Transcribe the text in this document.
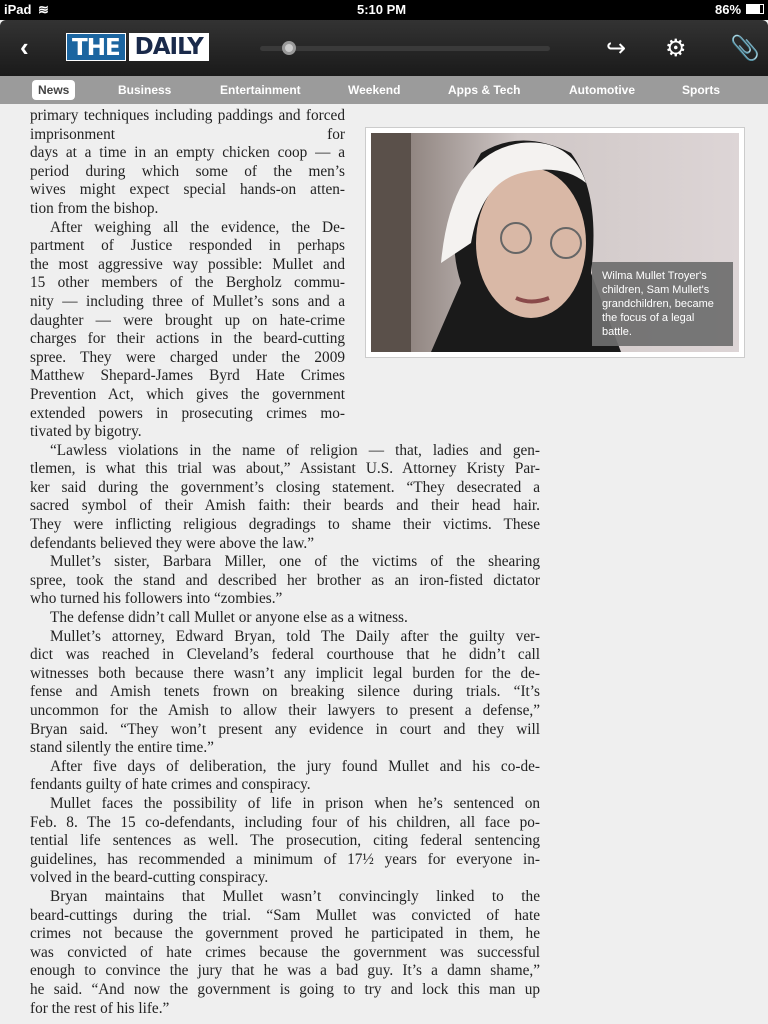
iPad ≋	5:10 PM	86%
‹ THE DAILY	↪ ⚙ 📎
News	Business	Entertainment	Weekend	Apps & Tech	Automotive	Sports
primary techniques including paddings and forced imprisonment for
days at a time in an empty chicken coop — a
period during which some of the men’s
wives might expect special hands-on atten-
tion from the bishop.
After weighing all the evidence, the De-
partment of Justice responded in perhaps
the most aggressive way possible: Mullet and
15 other members of the Bergholz commu-
nity — including three of Mullet’s sons and a
daughter — were brought up on hate-crime
charges for their actions in the beard-cutting
spree. They were charged under the 2009
Matthew Shepard-James Byrd Hate Crimes
Prevention Act, which gives the government
extended powers in prosecuting crimes mo-
tivated by bigotry.
“Lawless violations in the name of religion — that, ladies and gen-
tlemen, is what this trial was about,” Assistant U.S. Attorney Kristy Par-
ker said during the government’s closing statement. “They desecrated a
sacred symbol of their Amish faith: their beards and their head hair.
They were inflicting religious degradings to shame their victims. These
defendants believed they were above the law.”
Mullet’s sister, Barbara Miller, one of the victims of the shearing
spree, took the stand and described her brother as an iron-fisted dictator
who turned his followers into “zombies.”
The defense didn’t call Mullet or anyone else as a witness.
Mullet’s attorney, Edward Bryan, told The Daily after the guilty ver-
dict was reached in Cleveland’s federal courthouse that he didn’t call
witnesses both because there wasn’t any implicit legal burden for the de-
fense and Amish tenets frown on breaking silence during trials. “It’s
uncommon for the Amish to allow their lawyers to present a defense,”
Bryan said. “They won’t present any evidence in court and they will
stand silently the entire time.”
After five days of deliberation, the jury found Mullet and his co-de-
fendants guilty of hate crimes and conspiracy.
Mullet faces the possibility of life in prison when he’s sentenced on
Feb. 8. The 15 co-defendants, including four of his children, all face po-
tential life sentences as well. The prosecution, citing federal sentencing
guidelines, has recommended a minimum of 17½ years for everyone in-
volved in the beard-cutting conspiracy.
Bryan maintains that Mullet wasn’t convincingly linked to the
beard-cuttings during the trial. “Sam Mullet was convicted of hate
crimes not because the government proved he participated in them, he
was convicted of hate crimes because the government was successful
enough to convince the jury that he was a bad guy. It’s a damn shame,”
he said. “And now the government is going to try and lock this man up
for the rest of his life.”
Wilma Mullet Troyer's children, Sam Mullet's grandchildren, became the focus of a legal battle.
